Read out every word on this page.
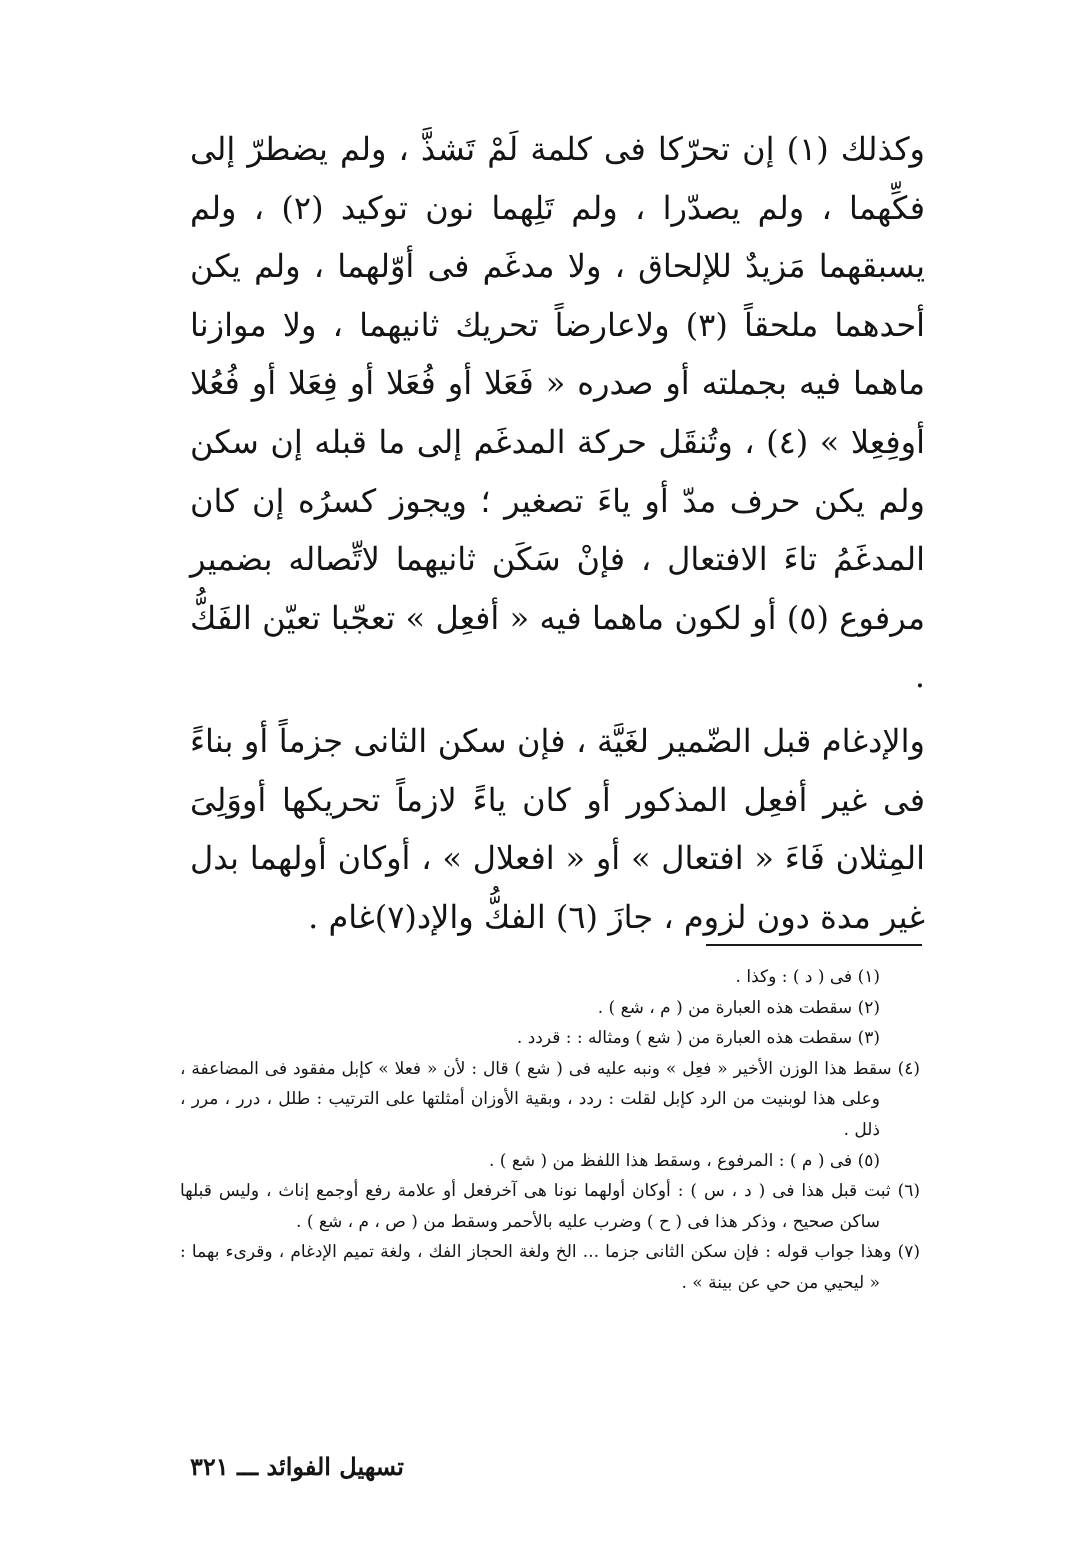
وكذلك (١) إن تحرّكا فى كلمة لَمْ تَشذَّ ، ولم يضطرّ إلى فكِّهما ، ولم يصدّرا ، ولم تَلِهما نون توكيد (٢) ، ولم يسبقهما مَزيدٌ للإلحاق ، ولا مدغَم فى أوّلهما ، ولم يكن أحدهما ملحقاً (٣) ولاعارضاً تحريك ثانيهما ، ولا موازنا ماهما فيه بجملته أو صدره « فَعَلا أو فُعَلا أو فِعَلا أو فُعُلا أوفِعِلا » (٤) ، وتُنقَل حركة المدغَم إلى ما قبله إن سكن ولم يكن حرف مدّ أو ياءَ تصغير ؛ ويجوز كسرُه إن كان المدغَمُ تاءَ الافتعال ، فإنْ سَكَن ثانيهما لاتِّصاله بضمير مرفوع (٥) أو لكون ماهما فيه « أفعِل » تعجّبا تعيّن الفَكُّ .

والإدغام قبل الضّمير لغَيَّة ، فإن سكن الثانى جزماً أو بناءً فى غير أفعِل المذكور أو كان ياءً لازماً تحريكها أووَلِىَ المِثلان فَاءَ « افتعال » أو « افعلال » ، أوكان أولهما بدل غير مدة دون لزوم ، جازَ (٦) الفكُّ والإد(٧)غام .

(١) فى ( د ) : وكذا .

(٢) سقطت هذه العبارة من ( م ، شع ) .

(٣) سقطت هذه العبارة من ( شع ) ومثاله : : قردد .

(٤) سقط هذا الوزن الأخير « فعِل » ونبه عليه فى ( شع ) قال : لأن « فعلا » كإبل مفقود فى المضاعفة ، وعلى هذا لوبنيت من الرد كإبل لقلت : ردد ، وبقية الأوزان أمثلتها على الترتيب : طلل ، درر ، مرر ، ذلل .

(٥) فى ( م ) : المرفوع ، وسقط هذا اللفظ من ( شع ) .

(٦) ثبت قبل هذا فى ( د ، س ) : أوكان أولهما نونا هى آخرفعل أو علامة رفع أوجمع إناث ، وليس قبلها ساكن صحيح ، وذكر هذا فى ( ح ) وضرب عليه بالأحمر وسقط من ( ص ، م ، شع ) .

(٧) وهذا جواب قوله : فإن سكن الثانى جزما ... الخ ولغة الحجاز الفك ، ولغة تميم الإدغام ، وقرىء بهما : « ليحيي من حي عن بينة » .

تسهيل الفوائد ـــ ٣٢١
